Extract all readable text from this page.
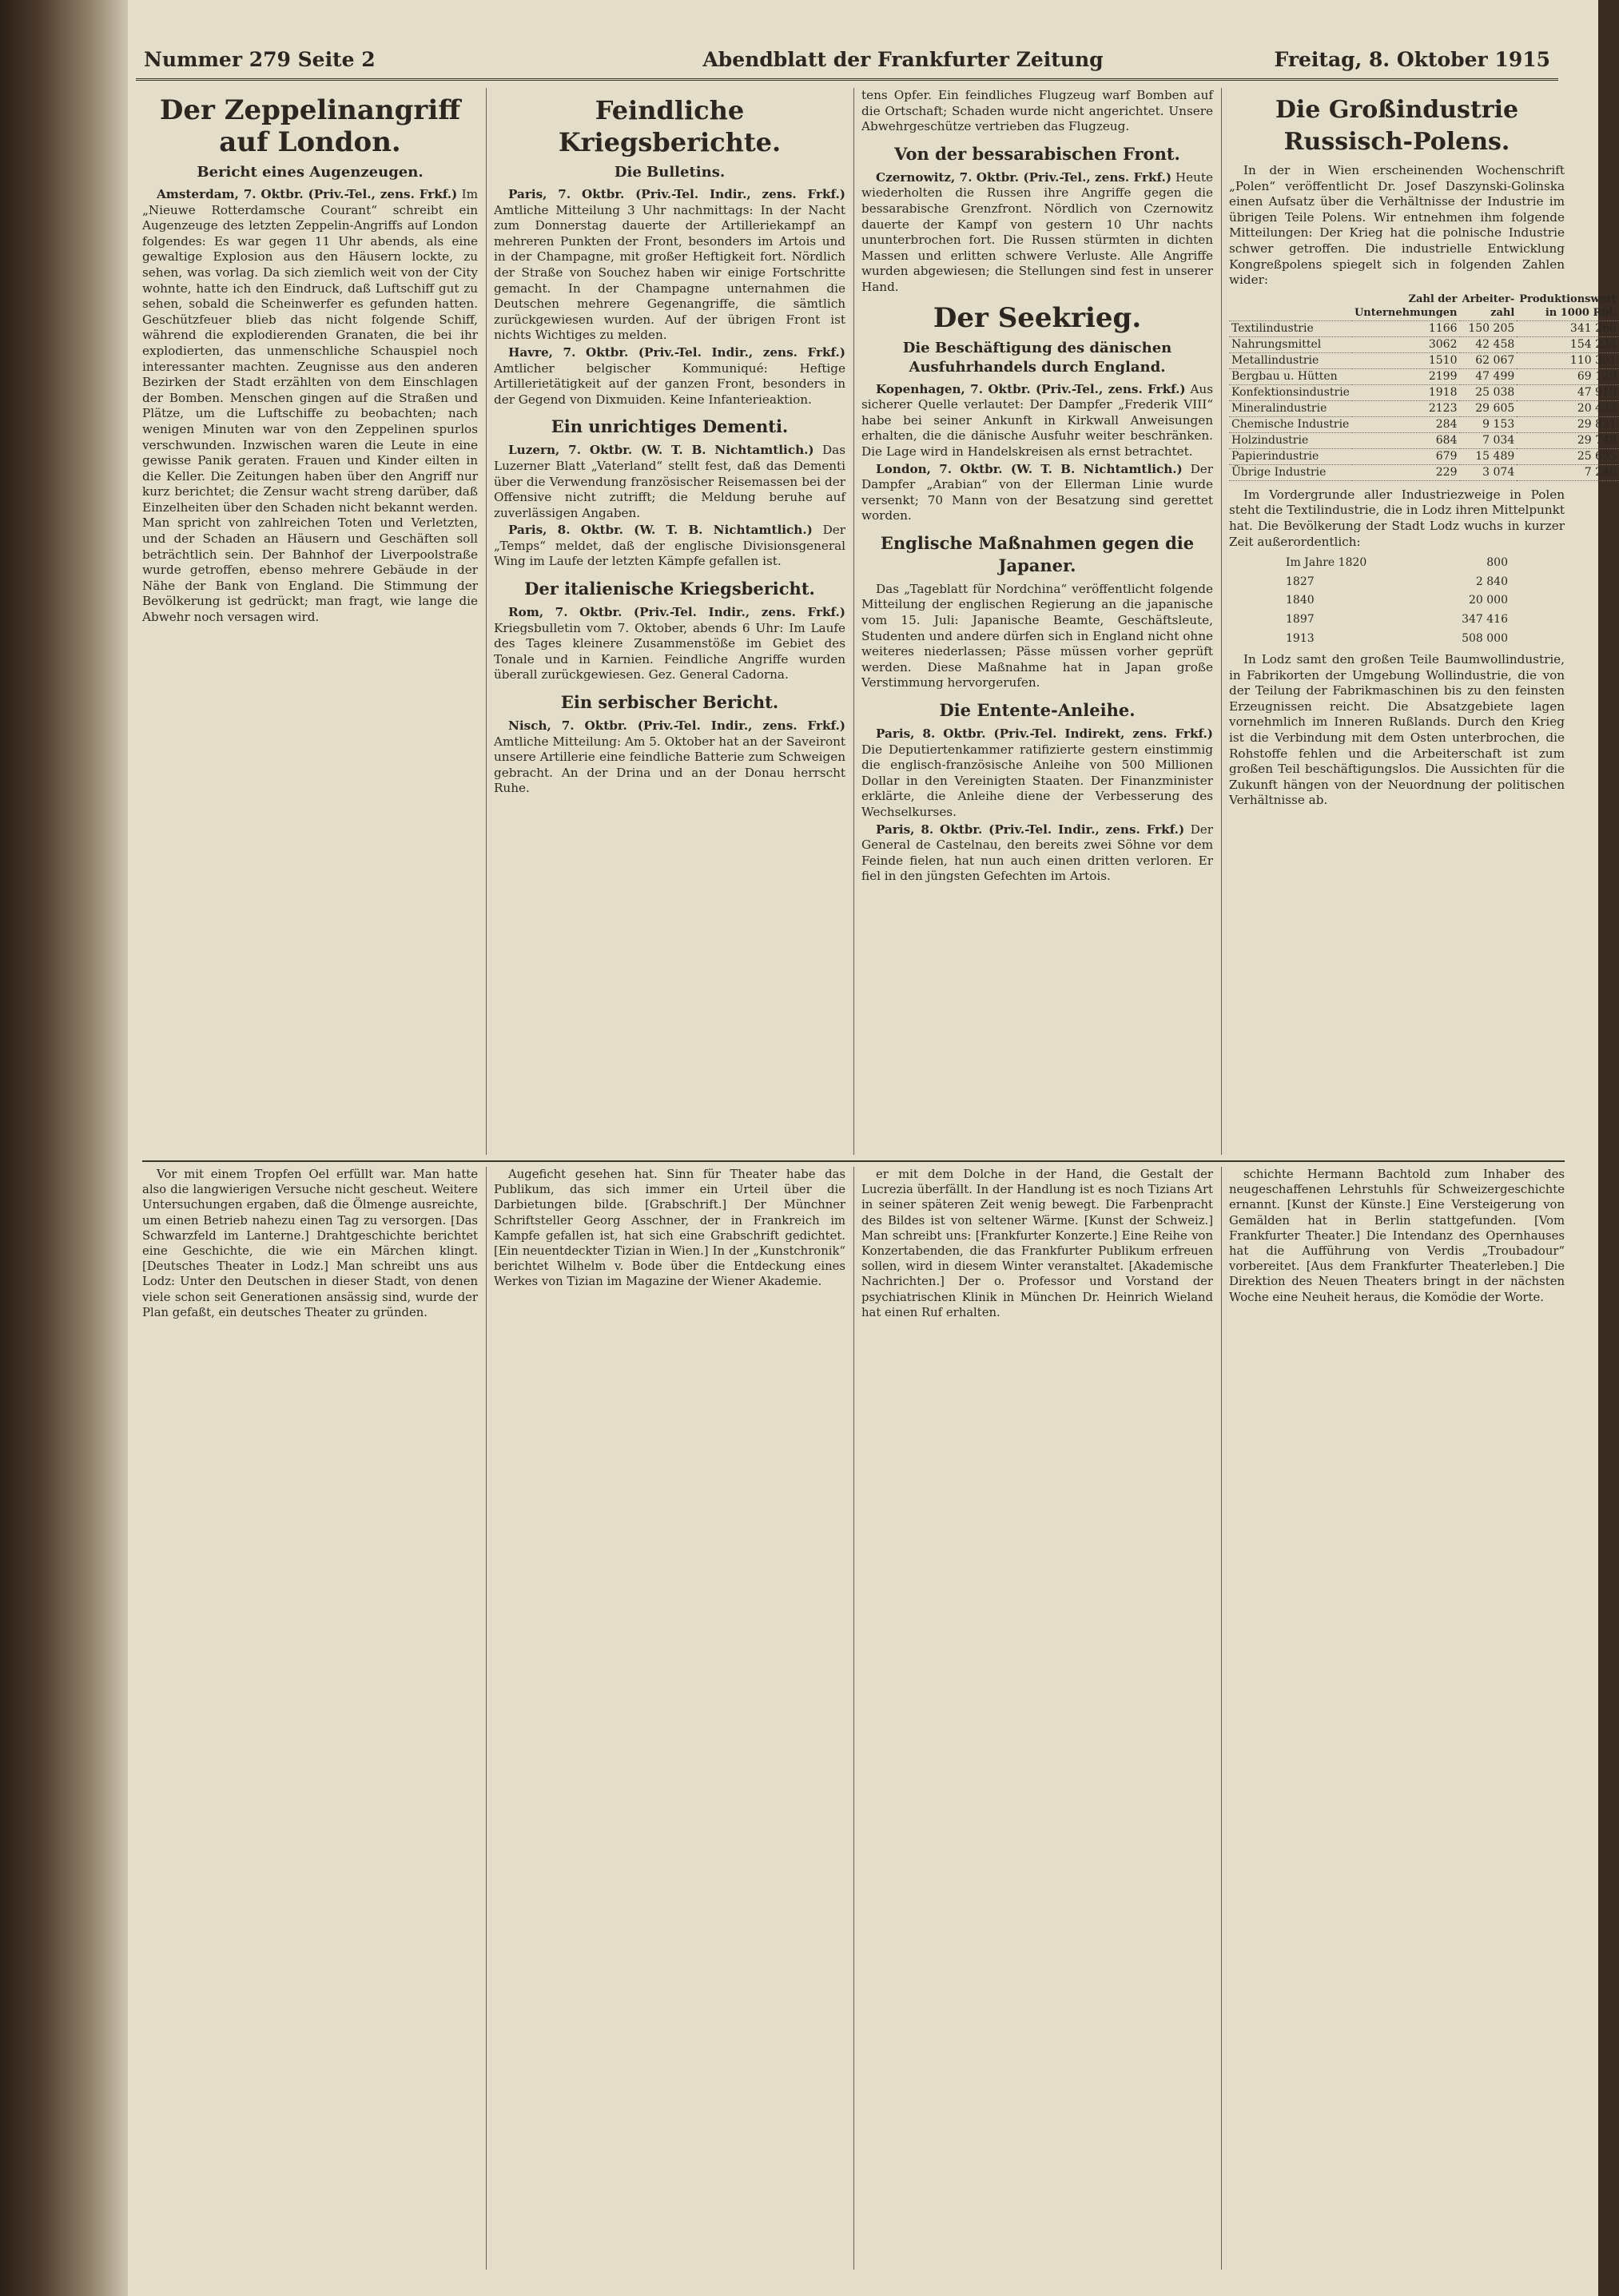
Nummer 279 Seite 2	Abendblatt der Frankfurter Zeitung	Freitag, 8. Oktober 1915
Der Zeppelinangriff auf London.
Bericht eines Augenzeugen.

Amsterdam, 7. Oktbr. (Priv.-Tel., zens. Frkf.) Im „Nieuwe Rotterdamsche Courant“ schreibt ein Augenzeuge des letzten Zeppelin-Angriffs auf London folgendes: Es war gegen 11 Uhr abends, als eine gewaltige Explosion aus den Häusern lockte, zu sehen, was vorlag. Da sich ziemlich weit von der City wohnte, hatte ich den Eindruck, daß Luftschiff gut zu sehen, sobald die Scheinwerfer es gefunden hatten. Geschützfeuer blieb das nicht folgende Schiff, während die explodierenden Granaten, die bei ihr explodierten, das unmenschliche Schauspiel noch interessanter machten. Zeugnisse aus den anderen Bezirken der Stadt erzählten von dem Einschlagen der Bomben. Menschen gingen auf die Straßen und Plätze, um die Luftschiffe zu beobachten; nach wenigen Minuten war von den Zeppelinen spurlos verschwunden. Inzwischen waren die Leute in eine gewisse Panik geraten. Frauen und Kinder eilten in die Keller. Die Zeitungen haben über den Angriff nur kurz berichtet; die Zensur wacht streng darüber, daß Einzelheiten über den Schaden nicht bekannt werden. Man spricht von zahlreichen Toten und Verletzten, und der Schaden an Häusern und Geschäften soll beträchtlich sein. Der Bahnhof der Liverpoolstraße wurde getroffen, ebenso mehrere Gebäude in der Nähe der Bank von England. Die Stimmung der Bevölkerung ist gedrückt; man fragt, wie lange die Abwehr noch versagen wird.

Feindliche Kriegsberichte.
Die Bulletins.

Paris, 7. Oktbr. (Priv.-Tel. Indir., zens. Frkf.) Amtliche Mitteilung 3 Uhr nachmittags: In der Nacht zum Donnerstag dauerte der Artilleriekampf an mehreren Punkten der Front, besonders im Artois und in der Champagne, mit großer Heftigkeit fort. Nördlich der Straße von Souchez haben wir einige Fortschritte gemacht. In der Champagne unternahmen die Deutschen mehrere Gegenangriffe, die sämtlich zurückgewiesen wurden. Auf der übrigen Front ist nichts Wichtiges zu melden.

Havre, 7. Oktbr. (Priv.-Tel. Indir., zens. Frkf.) Amtlicher belgischer Kommuniqué: Heftige Artillerietätigkeit auf der ganzen Front, besonders in der Gegend von Dixmuiden. Keine Infanterieaktion.

Ein unrichtiges Dementi.

Luzern, 7. Oktbr. (W. T. B. Nichtamtlich.) Das Luzerner Blatt „Vaterland“ stellt fest, daß das Dementi über die Verwendung französischer Reisemassen bei der Offensive nicht zutrifft; die Meldung beruhe auf zuverlässigen Angaben.

Paris, 8. Oktbr. (W. T. B. Nichtamtlich.) Der „Temps“ meldet, daß der englische Divisionsgeneral Wing im Laufe der letzten Kämpfe gefallen ist.

Der italienische Kriegsbericht.

Rom, 7. Oktbr. (Priv.-Tel. Indir., zens. Frkf.) Kriegsbulletin vom 7. Oktober, abends 6 Uhr: Im Laufe des Tages kleinere Zusammenstöße im Gebiet des Tonale und in Karnien. Feindliche Angriffe wurden überall zurückgewiesen. Gez. General Cadorna.

Ein serbischer Bericht.

Nisch, 7. Oktbr. (Priv.-Tel. Indir., zens. Frkf.) Amtliche Mitteilung: Am 5. Oktober hat an der Saveiront unsere Artillerie eine feindliche Batterie zum Schweigen gebracht. An der Drina und an der Donau herrscht Ruhe.

tens Opfer. Ein feindliches Flugzeug warf Bomben auf die Ortschaft; Schaden wurde nicht angerichtet. Unsere Abwehrgeschütze vertrieben das Flugzeug.

Von der bessarabischen Front.

Czernowitz, 7. Oktbr. (Priv.-Tel., zens. Frkf.) Heute wiederholten die Russen ihre Angriffe gegen die bessarabische Grenzfront. Nördlich von Czernowitz dauerte der Kampf von gestern 10 Uhr nachts ununterbrochen fort. Die Russen stürmten in dichten Massen und erlitten schwere Verluste. Alle Angriffe wurden abgewiesen; die Stellungen sind fest in unserer Hand.

Der Seekrieg.
Die Beschäftigung des dänischen Ausfuhrhandels durch England.

Kopenhagen, 7. Oktbr. (Priv.-Tel., zens. Frkf.) Aus sicherer Quelle verlautet: Der Dampfer „Frederik VIII“ habe bei seiner Ankunft in Kirkwall Anweisungen erhalten, die die dänische Ausfuhr weiter beschränken. Die Lage wird in Handelskreisen als ernst betrachtet.

London, 7. Oktbr. (W. T. B. Nichtamtlich.) Der Dampfer „Arabian“ von der Ellerman Linie wurde versenkt; 70 Mann von der Besatzung sind gerettet worden.

Englische Maßnahmen gegen die Japaner.

Das „Tageblatt für Nordchina“ veröffentlicht folgende Mitteilung der englischen Regierung an die japanische vom 15. Juli: Japanische Beamte, Geschäftsleute, Studenten und andere dürfen sich in England nicht ohne weiteres niederlassen; Pässe müssen vorher geprüft werden. Diese Maßnahme hat in Japan große Verstimmung hervorgerufen.

Die Entente-Anleihe.

Paris, 8. Oktbr. (Priv.-Tel. Indirekt, zens. Frkf.) Die Deputiertenkammer ratifizierte gestern einstimmig die englisch-französische Anleihe von 500 Millionen Dollar in den Vereinigten Staaten. Der Finanzminister erklärte, die Anleihe diene der Verbesserung des Wechselkurses.

Paris, 8. Oktbr. (Priv.-Tel. Indir., zens. Frkf.) Der General de Castelnau, den bereits zwei Söhne vor dem Feinde fielen, hat nun auch einen dritten verloren. Er fiel in den jüngsten Gefechten im Artois.

Die Großindustrie Russisch-Polens.

In der in Wien erscheinenden Wochenschrift „Polen“ veröffentlicht Dr. Josef Daszynski-Golinska einen Aufsatz über die Verhältnisse der Industrie im übrigen Teile Polens. Wir entnehmen ihm folgende Mitteilungen: Der Krieg hat die polnische Industrie schwer getroffen. Die industrielle Entwicklung Kongreßpolens spiegelt sich in folgenden Zahlen wider:

	Zahl der Unternehmungen	Arbeiter-zahl	Produktionswert in 1000 Rbl.
Textilindustrie	1166	150 205	341 266
Nahrungsmittel	3062	42 458	154 234
Metallindustrie	1510	62 067	110 301
Bergbau u. Hütten	2199	47 499	69 129
Konfektionsindustrie	1918	25 038	47 919
Mineralindustrie	2123	29 605	20 433
Chemische Industrie	284	9 153	29 831
Holzindustrie	684	7 034	29 748
Papierindustrie	679	15 489	25 695
Übrige Industrie	229	3 074	7 246

Im Vordergrunde aller Industriezweige in Polen steht die Textilindustrie, die in Lodz ihren Mittelpunkt hat. Die Bevölkerung der Stadt Lodz wuchs in kurzer Zeit außerordentlich:

Im Jahre 1820	800
1827	2 840
1840	20 000
1897	347 416
1913	508 000

In Lodz samt den großen Teile Baumwollindustrie, in Fabrikorten der Umgebung Wollindustrie, die von der Teilung der Fabrikmaschinen bis zu den feinsten Erzeugnissen reicht. Die Absatzgebiete lagen vornehmlich im Inneren Rußlands. Durch den Krieg ist die Verbindung mit dem Osten unterbrochen, die Rohstoffe fehlen und die Arbeiterschaft ist zum großen Teil beschäftigungslos. Die Aussichten für die Zukunft hängen von der Neuordnung der politischen Verhältnisse ab.

Vor mit einem Tropfen Oel erfüllt war. Man hatte also die langwierigen Versuche nicht gescheut. Weitere Untersuchungen ergaben, daß die Ölmenge ausreichte, um einen Betrieb nahezu einen Tag zu versorgen. [Das Schwarzfeld im Lanterne.] Drahtgeschichte berichtet eine Geschichte, die wie ein Märchen klingt. [Deutsches Theater in Lodz.] Man schreibt uns aus Lodz: Unter den Deutschen in dieser Stadt, von denen viele schon seit Generationen ansässig sind, wurde der Plan gefaßt, ein deutsches Theater zu gründen.

Augeficht gesehen hat. Sinn für Theater habe das Publikum, das sich immer ein Urteil über die Darbietungen bilde. [Grabschrift.] Der Münchner Schriftsteller Georg Asschner, der in Frankreich im Kampfe gefallen ist, hat sich eine Grabschrift gedichtet. [Ein neuentdeckter Tizian in Wien.] In der „Kunstchronik“ berichtet Wilhelm v. Bode über die Entdeckung eines Werkes von Tizian im Magazine der Wiener Akademie.

er mit dem Dolche in der Hand, die Gestalt der Lucrezia überfällt. In der Handlung ist es noch Tizians Art in seiner späteren Zeit wenig bewegt. Die Farbenpracht des Bildes ist von seltener Wärme. [Kunst der Schweiz.] Man schreibt uns: [Frankfurter Konzerte.] Eine Reihe von Konzertabenden, die das Frankfurter Publikum erfreuen sollen, wird in diesem Winter veranstaltet. [Akademische Nachrichten.] Der o. Professor und Vorstand der psychiatrischen Klinik in München Dr. Heinrich Wieland hat einen Ruf erhalten.

schichte Hermann Bachtold zum Inhaber des neugeschaffenen Lehrstuhls für Schweizergeschichte ernannt. [Kunst der Künste.] Eine Versteigerung von Gemälden hat in Berlin stattgefunden. [Vom Frankfurter Theater.] Die Intendanz des Opernhauses hat die Aufführung von Verdis „Troubadour“ vorbereitet. [Aus dem Frankfurter Theaterleben.] Die Direktion des Neuen Theaters bringt in der nächsten Woche eine Neuheit heraus, die Komödie der Worte.
